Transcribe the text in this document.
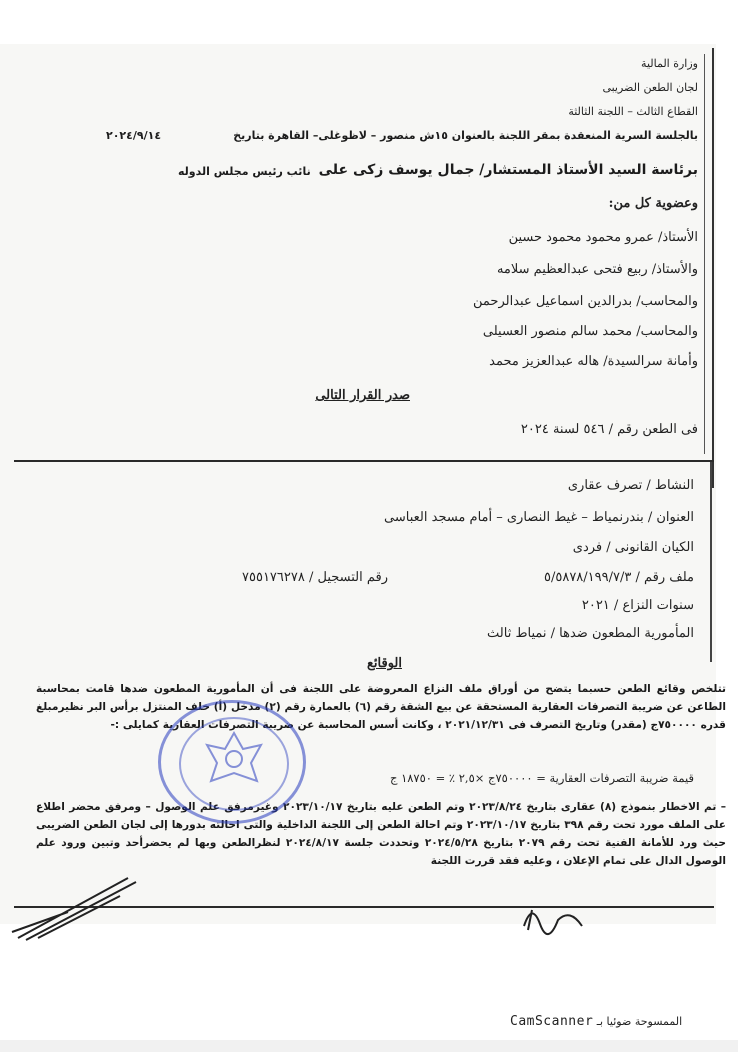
وزارة المالية
لجان الطعن الضريبى
القطاع الثالث – اللجنة الثالثة
بالجلسة السرية المنعقدة بمقر اللجنة بالعنوان ١٥ش منصور – لاظوغلى– القاهرة بتاريخ
٢٠٢٤/٩/١٤
برئاسة السيد الأستاذ المستشار/ جمال يوسف زكى على
نائب رئيس مجلس الدوله
وعضوية كل من:
الأستاذ/ عمرو محمود محمود حسين
والأستاذ/ ربيع فتحى عبدالعظيم سلامه
والمحاسب/ بدرالدين اسماعيل عبدالرحمن
والمحاسب/ محمد سالم منصور العسيلى
وأمانة سرالسيدة/ هاله عبدالعزيز محمد
صدر القرار التالى
فى الطعن رقم / ٥٤٦ لسنة ٢٠٢٤
النشاط / تصرف عقارى
العنوان / بندرنمياط – غيط النصارى – أمام مسجد العباسى
الكيان القانونى / فردى
ملف رقم / ٥/٥٨٧٨/١٩٩/٧/٣
رقم التسجيل / ٧٥٥١٧٦٢٧٨
سنوات النزاع / ٢٠٢١
المأمورية المطعون ضدها / نمياط ثالث
الوقائع
تتلخص وقائع الطعن حسبما يتضح من أوراق ملف النزاع المعروضة على اللجنة فى أن المأمورية المطعون ضدها قامت بمحاسبة الطاعن عن ضريبة التصرفات العقارية المستحقة عن بيع الشقة رقم (٦) بالعمارة رقم (٢) مدخل (أ) خلف المنتزل برأس البر نظيرمبلغ قدره ٧٥٠٠٠٠ج (مقدر) وتاريخ التصرف فى ٢٠٢١/١٢/٣١ ، وكانت أسس المحاسبة عن ضريبة التصرفات العقارية كمايلى :-
قيمة ضريبة التصرفات العقارية = ٧٥٠٠٠٠ج ×٢,٥ ٪ = ١٨٧٥٠ ج
– تم الاخطار بنموذج (٨) عقارى بتاريخ ٢٠٢٣/٨/٢٤ وتم الطعن عليه بتاريخ ٢٠٢٣/١٠/١٧ وغيرمرفق علم الوصول – ومرفق محضر اطلاع على الملف مورد تحت رقم ٣٩٨ بتاريخ ٢٠٢٣/١٠/١٧ وتم احالة الطعن إلى اللجنة الداخلية والتى احالته بدورها إلى لجان الطعن الضريبى حيث ورد للأمانة الفنية تحت رقم ٢٠٧٩ بتاريخ ٢٠٢٤/٥/٢٨ وتحددت جلسة ٢٠٢٤/٨/١٧ لنظرالطعن وبها لم يحضرأحد وتبين ورود علم الوصول الدال على تمام الإعلان ، وعليه فقد قررت اللجنة
الممسوحة ضوئيا بـ CamScanner
